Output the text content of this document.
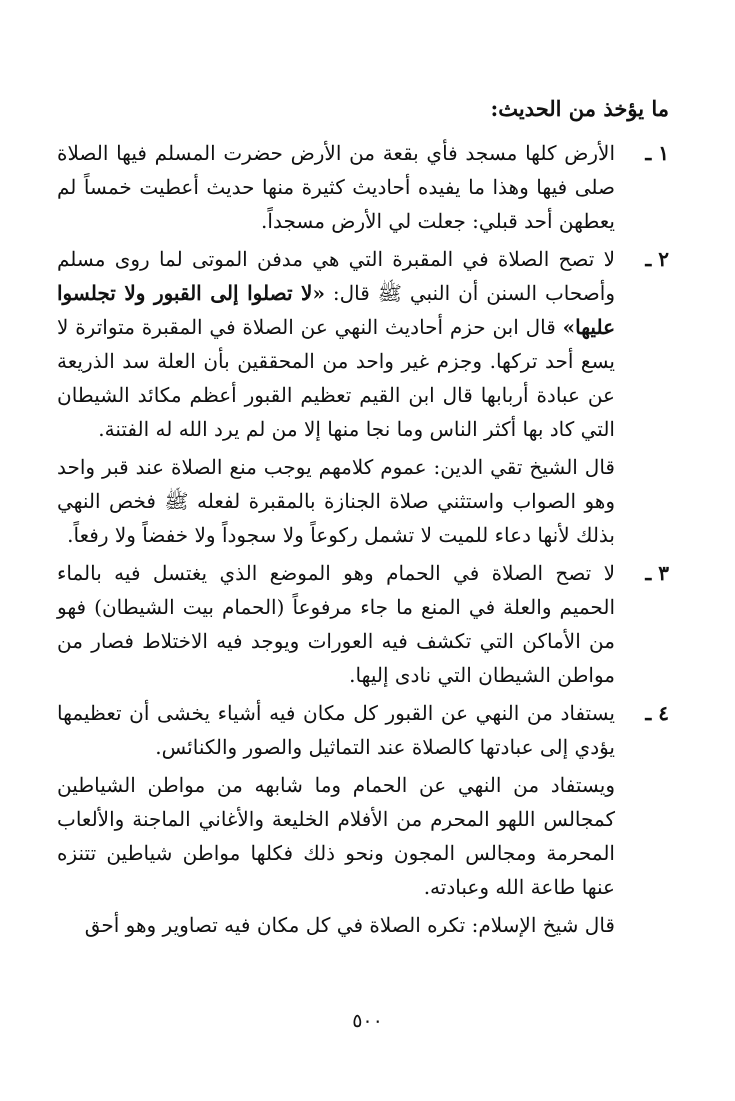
ما يؤخذ من الحديث:
١ ـ

الأرض كلها مسجد فأي بقعة من الأرض حضرت المسلم فيها الصلاة صلى فيها وهذا ما يفيده أحاديث كثيرة منها حديث أعطيت خمساً لم يعطهن أحد قبلي: جعلت لي الأرض مسجداً.

٢ ـ

لا تصح الصلاة في المقبرة التي هي مدفن الموتى لما روى مسلم وأصحاب السنن أن النبي ﷺ قال: «لا تصلوا إلى القبور ولا تجلسوا عليها» قال ابن حزم أحاديث النهي عن الصلاة في المقبرة متواترة لا يسع أحد تركها. وجزم غير واحد من المحققين بأن العلة سد الذريعة عن عبادة أربابها قال ابن القيم تعظيم القبور أعظم مكائد الشيطان التي كاد بها أكثر الناس وما نجا منها إلا من لم يرد الله له الفتنة.

قال الشيخ تقي الدين: عموم كلامهم يوجب منع الصلاة عند قبر واحد وهو الصواب واستثني صلاة الجنازة بالمقبرة لفعله ﷺ فخص النهي بذلك لأنها دعاء للميت لا تشمل ركوعاً ولا سجوداً ولا خفضاً ولا رفعاً.

٣ ـ

لا تصح الصلاة في الحمام وهو الموضع الذي يغتسل فيه بالماء الحميم والعلة في المنع ما جاء مرفوعاً (الحمام بيت الشيطان) فهو من الأماكن التي تكشف فيه العورات ويوجد فيه الاختلاط فصار من مواطن الشيطان التي نادى إليها.

٤ ـ

يستفاد من النهي عن القبور كل مكان فيه أشياء يخشى أن تعظيمها يؤدي إلى عبادتها كالصلاة عند التماثيل والصور والكنائس.

ويستفاد من النهي عن الحمام وما شابهه من مواطن الشياطين كمجالس اللهو المحرم من الأفلام الخليعة والأغاني الماجنة والألعاب المحرمة ومجالس المجون ونحو ذلك فكلها مواطن شياطين تتنزه عنها طاعة الله وعبادته.

قال شيخ الإسلام: تكره الصلاة في كل مكان فيه تصاوير وهو أحق

٥٠٠
